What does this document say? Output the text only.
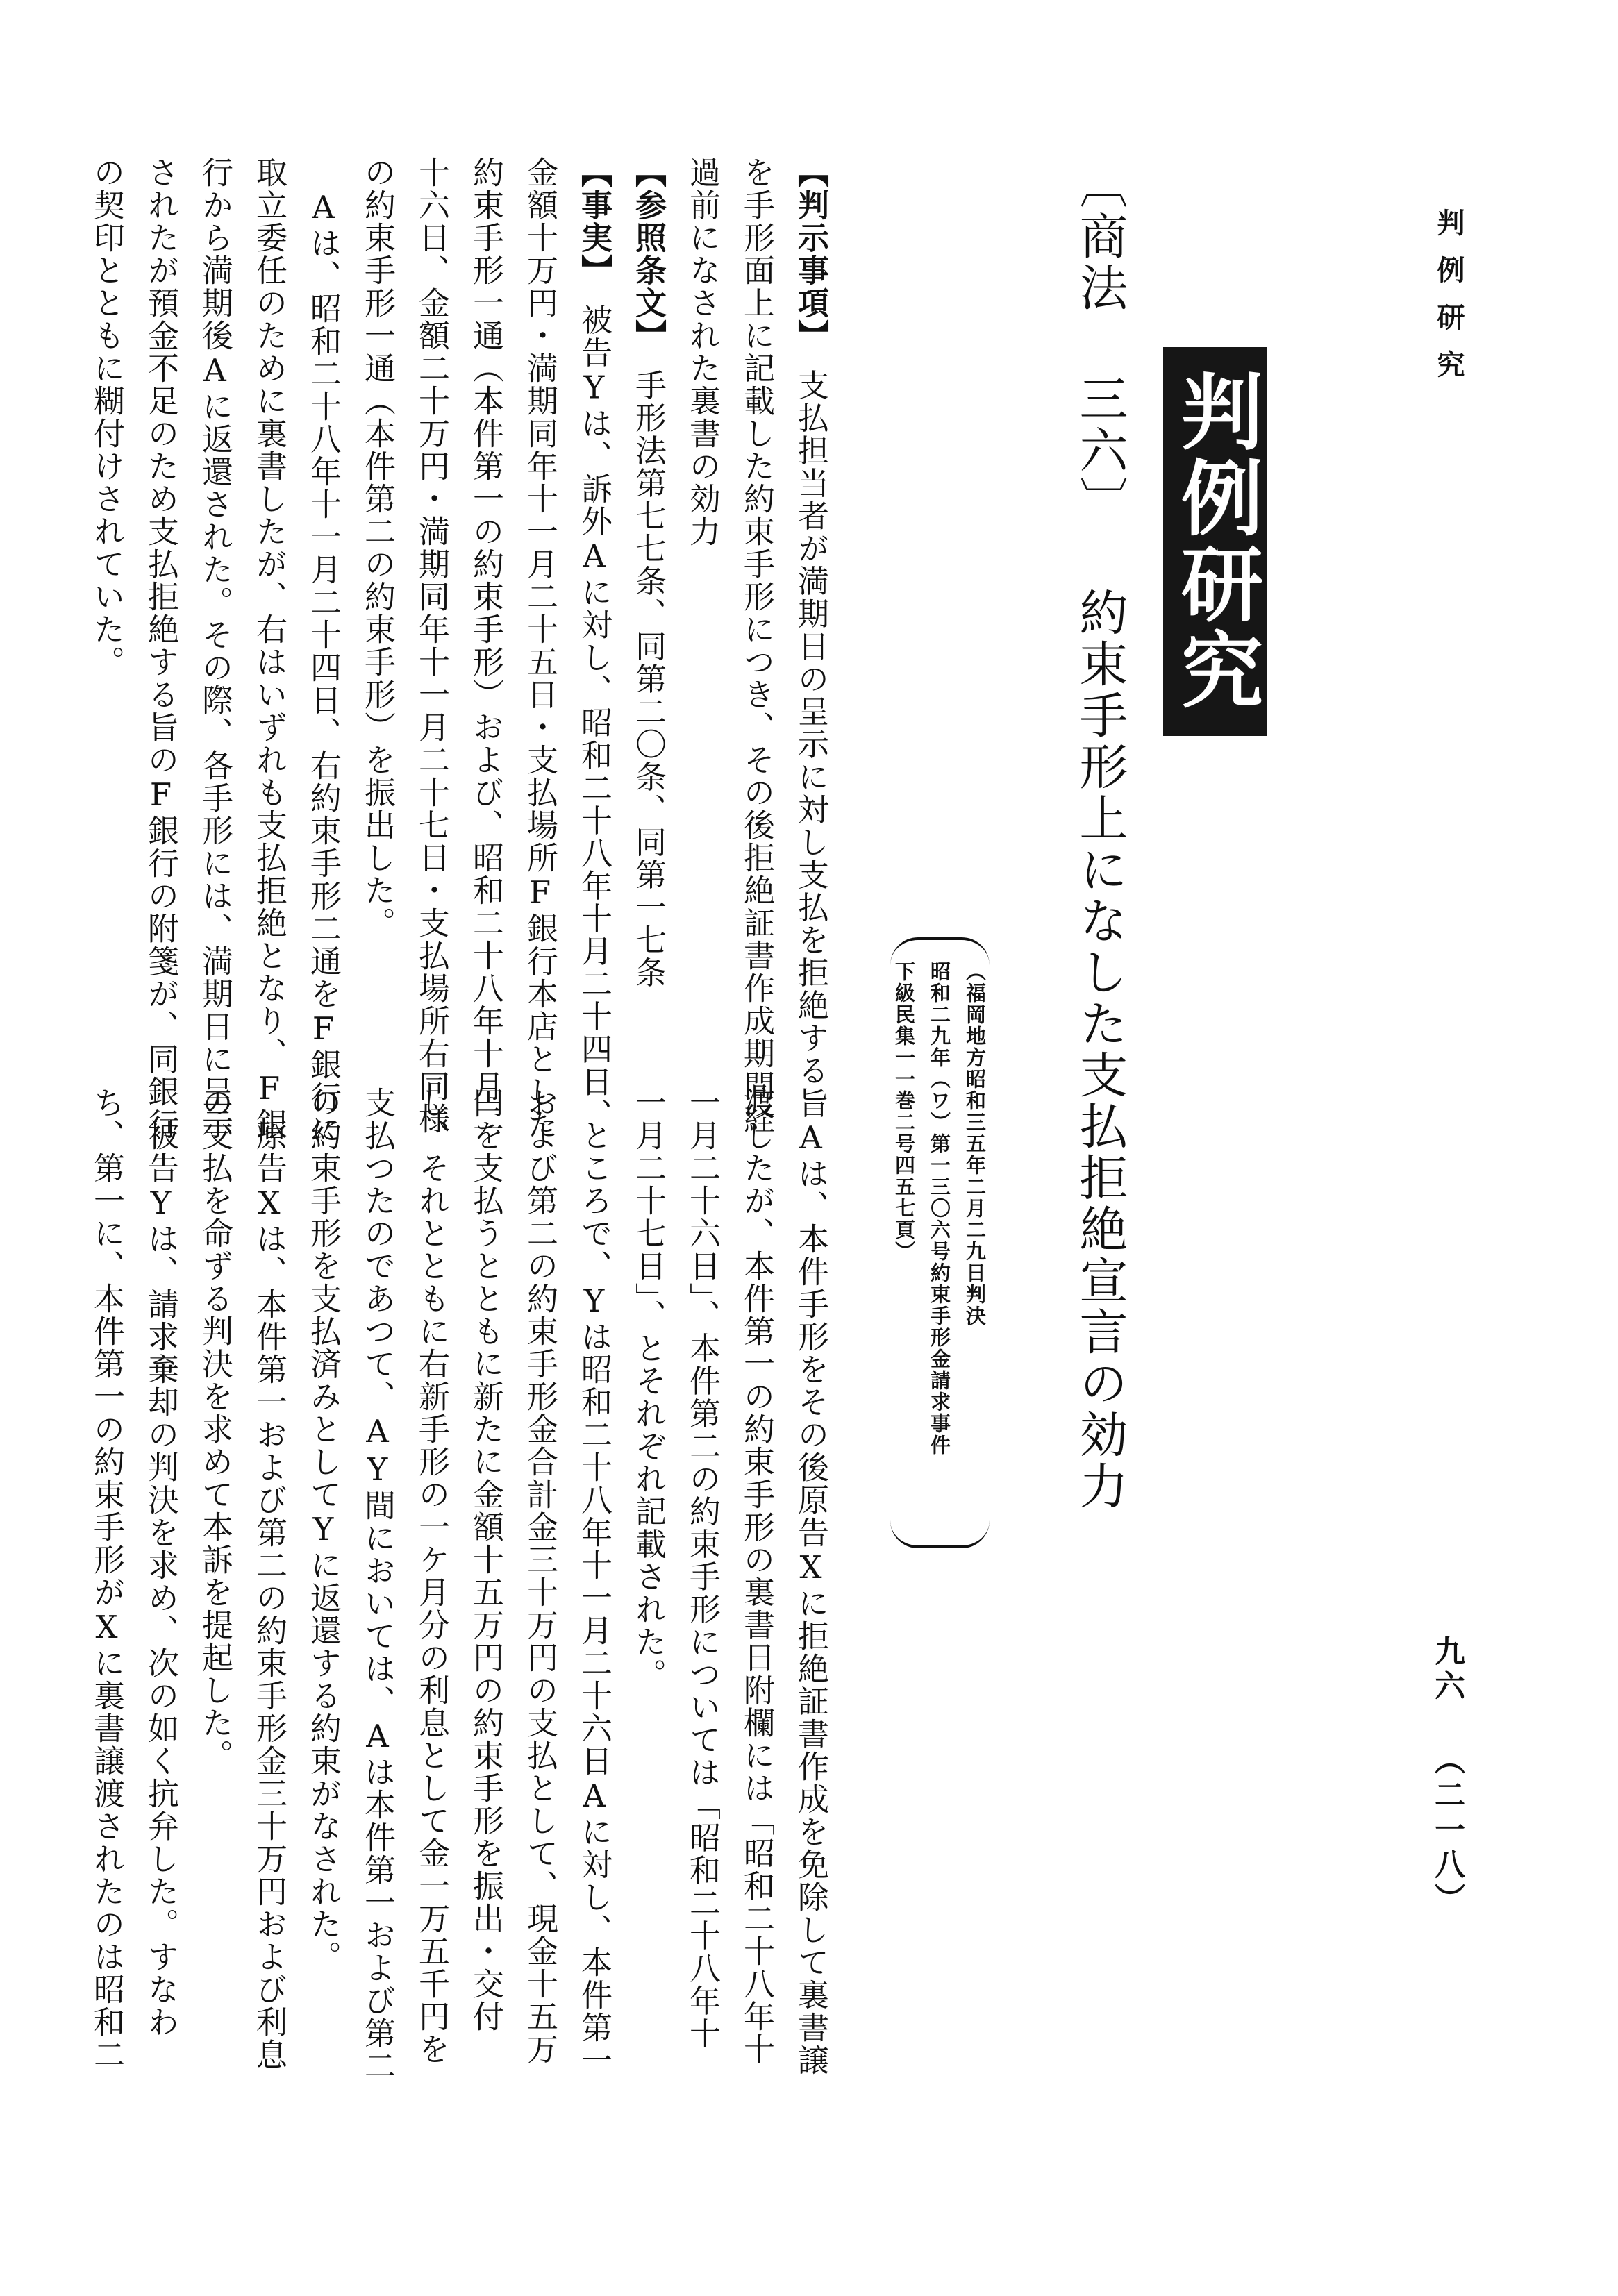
判例研究
九六 （二一八）
判例研究
〔商法 三六〕 約束手形上になした支払拒絶宣言の効力
（福岡地方昭和三五年二月二九日判決
昭和二九年（ワ）第一三〇六号約束手形金請求事件
下級民集一一巻二号四五七頁）
【判示事項】　支払担当者が満期日の呈示に対し支払を拒絶する旨
を手形面上に記載した約束手形につき、その後拒絶証書作成期間経
過前になされた裏書の効力
【参照条文】　手形法第七七条、同第二〇条、同第一七条
【事実】　被告Yは、訴外Aに対し、昭和二十八年十月二十四日、
金額十万円・満期同年十一月二十五日・支払場所F銀行本店とした
約束手形一通（本件第一の約束手形）および、昭和二十八年十月二
十六日、金額二十万円・満期同年十一月二十七日・支払場所右同様
の約束手形一通（本件第二の約束手形）を振出した。
　Aは、昭和二十八年十一月二十四日、右約束手形二通をF銀行に
取立委任のために裏書したが、右はいずれも支払拒絶となり、F銀
行から満期後Aに返還された。その際、各手形には、満期日に呈示
されたが預金不足のため支払拒絶する旨のF銀行の附箋が、同銀行
の契印とともに糊付けされていた。
　Aは、本件手形をその後原告Xに拒絶証書作成を免除して裏書譲
渡したが、本件第一の約束手形の裏書日附欄には「昭和二十八年十
一月二十六日」、本件第二の約束手形については「昭和二十八年十
一月二十七日」、とそれぞれ記載された。
　ところで、Yは昭和二十八年十一月二十六日Aに対し、本件第一
および第二の約束手形金合計金三十万円の支払として、現金十五万
円を支払うとともに新たに金額十五万円の約束手形を振出・交付
し、それとともに右新手形の一ケ月分の利息として金一万五千円を
支払つたのであつて、AY間においては、Aは本件第一および第二
の約束手形を支払済みとしてYに返還する約束がなされた。
　原告Xは、本件第一および第二の約束手形金三十万円および利息
の支払を命ずる判決を求めて本訴を提起した。
　被告Yは、請求棄却の判決を求め、次の如く抗弁した。すなわ
ち、第一に、本件第一の約束手形がXに裏書譲渡されたのは昭和二
